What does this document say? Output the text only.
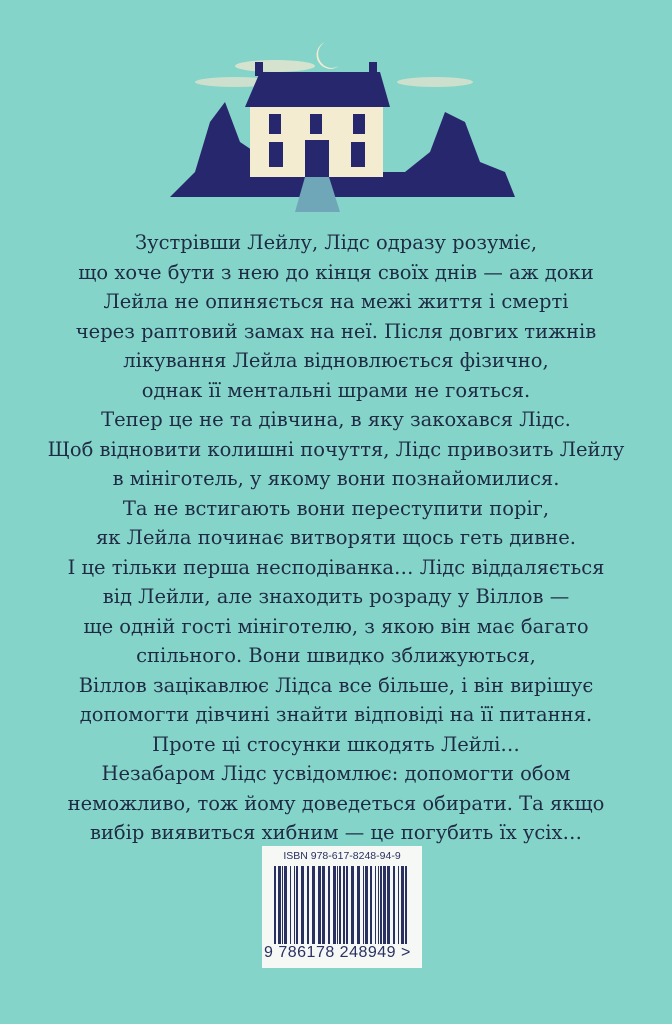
Зустрівши Лейлу, Лідс одразу розуміє,
що хоче бути з нею до кінця своїх днів — аж доки
Лейла не опиняється на межі життя і смерті
через раптовий замах на неї. Після довгих тижнів
лікування Лейла відновлюється фізично,
однак її ментальні шрами не гояться.
Тепер це не та дівчина, в яку закохався Лідс.
Щоб відновити колишні почуття, Лідс привозить Лейлу
в мініготель, у якому вони познайомилися.
Та не встигають вони переступити поріг,
як Лейла починає витворяти щось геть дивне.
І це тільки перша несподіванка… Лідс віддаляється
від Лейли, але знаходить розраду у Віллов —
ще одній гості мініготелю, з якою він має багато
спільного. Вони швидко зближуються,
Віллов зацікавлює Лідса все більше, і він вирішує
допомогти дівчині знайти відповіді на її питання.
Проте ці стосунки шкодять Лейлі…
Незабаром Лідс усвідомлює: допомогти обом
неможливо, тож йому доведеться обирати. Та якщо
вибір виявиться хибним — це погубить їх усіх…
ISBN 978-617-8248-94-9
9 786178 248949 >
